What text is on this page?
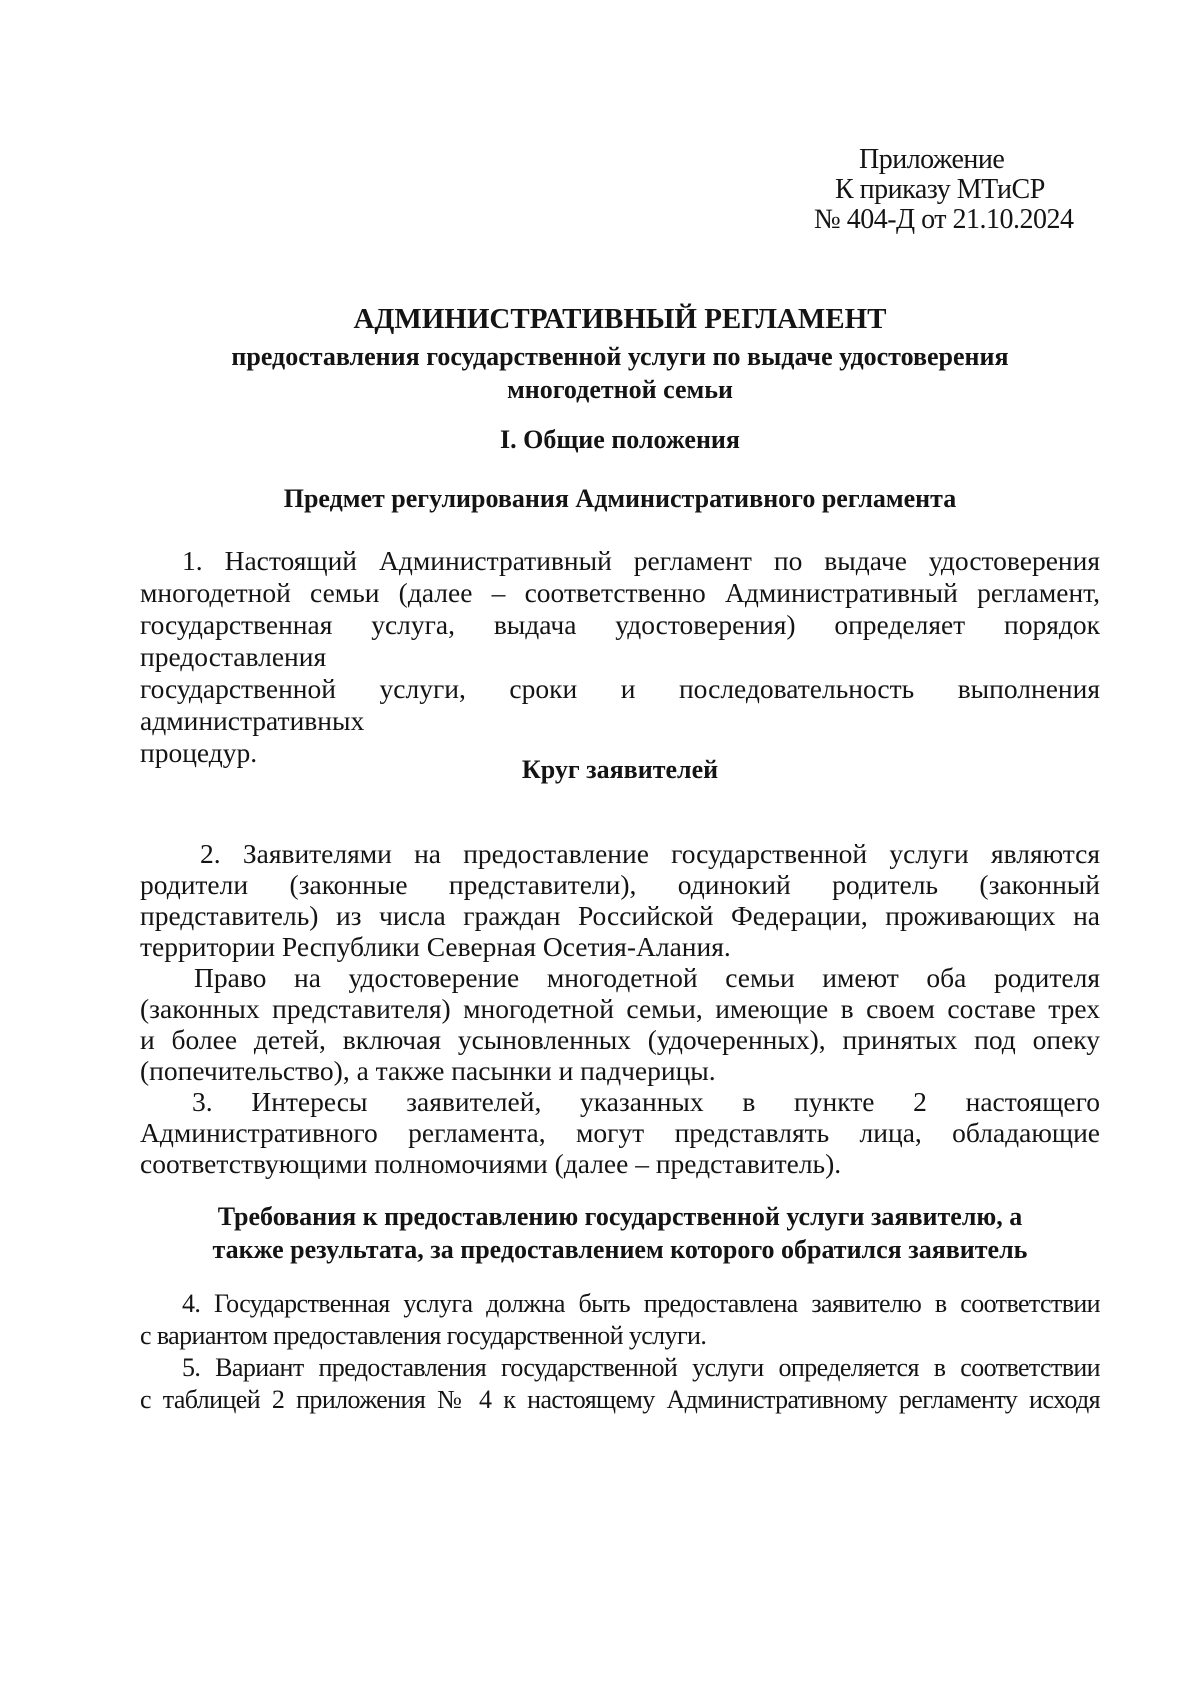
Приложение
К приказу МТиСР
№ 404-Д от 21.10.2024
АДМИНИСТРАТИВНЫЙ РЕГЛАМЕНТ
предоставления государственной услуги по выдаче удостоверения
многодетной семьи
I. Общие положения
Предмет регулирования Административного регламента
1. Настоящий Административный регламент по выдаче удостоверения
многодетной семьи (далее – соответственно Административный регламент,
государственная услуга, выдача удостоверения) определяет порядок предоставления
государственной услуги, сроки и последовательность выполнения административных
процедур.
Круг заявителей
2. Заявителями на предоставление государственной услуги являются
родители (законные представители), одинокий родитель (законный
представитель) из числа граждан Российской Федерации, проживающих на
территории Республики Северная Осетия-Алания.
Право на удостоверение многодетной семьи имеют оба родителя
(законных представителя) многодетной семьи, имеющие в своем составе трех
и более детей, включая усыновленных (удочеренных), принятых под опеку
(попечительство), а также пасынки и падчерицы.
3. Интересы заявителей, указанных в пункте 2 настоящего
Административного регламента, могут представлять лица, обладающие
соответствующими полномочиями (далее – представитель).
Требования к предоставлению государственной услуги заявителю, а
также результата, за предоставлением которого обратился заявитель
4. Государственная услуга должна быть предоставлена заявителю в соответствии
с вариантом предоставления государственной услуги.
5. Вариант предоставления государственной услуги определяется в соответствии
с таблицей 2 приложения № 4 к настоящему Административному регламенту исходя
